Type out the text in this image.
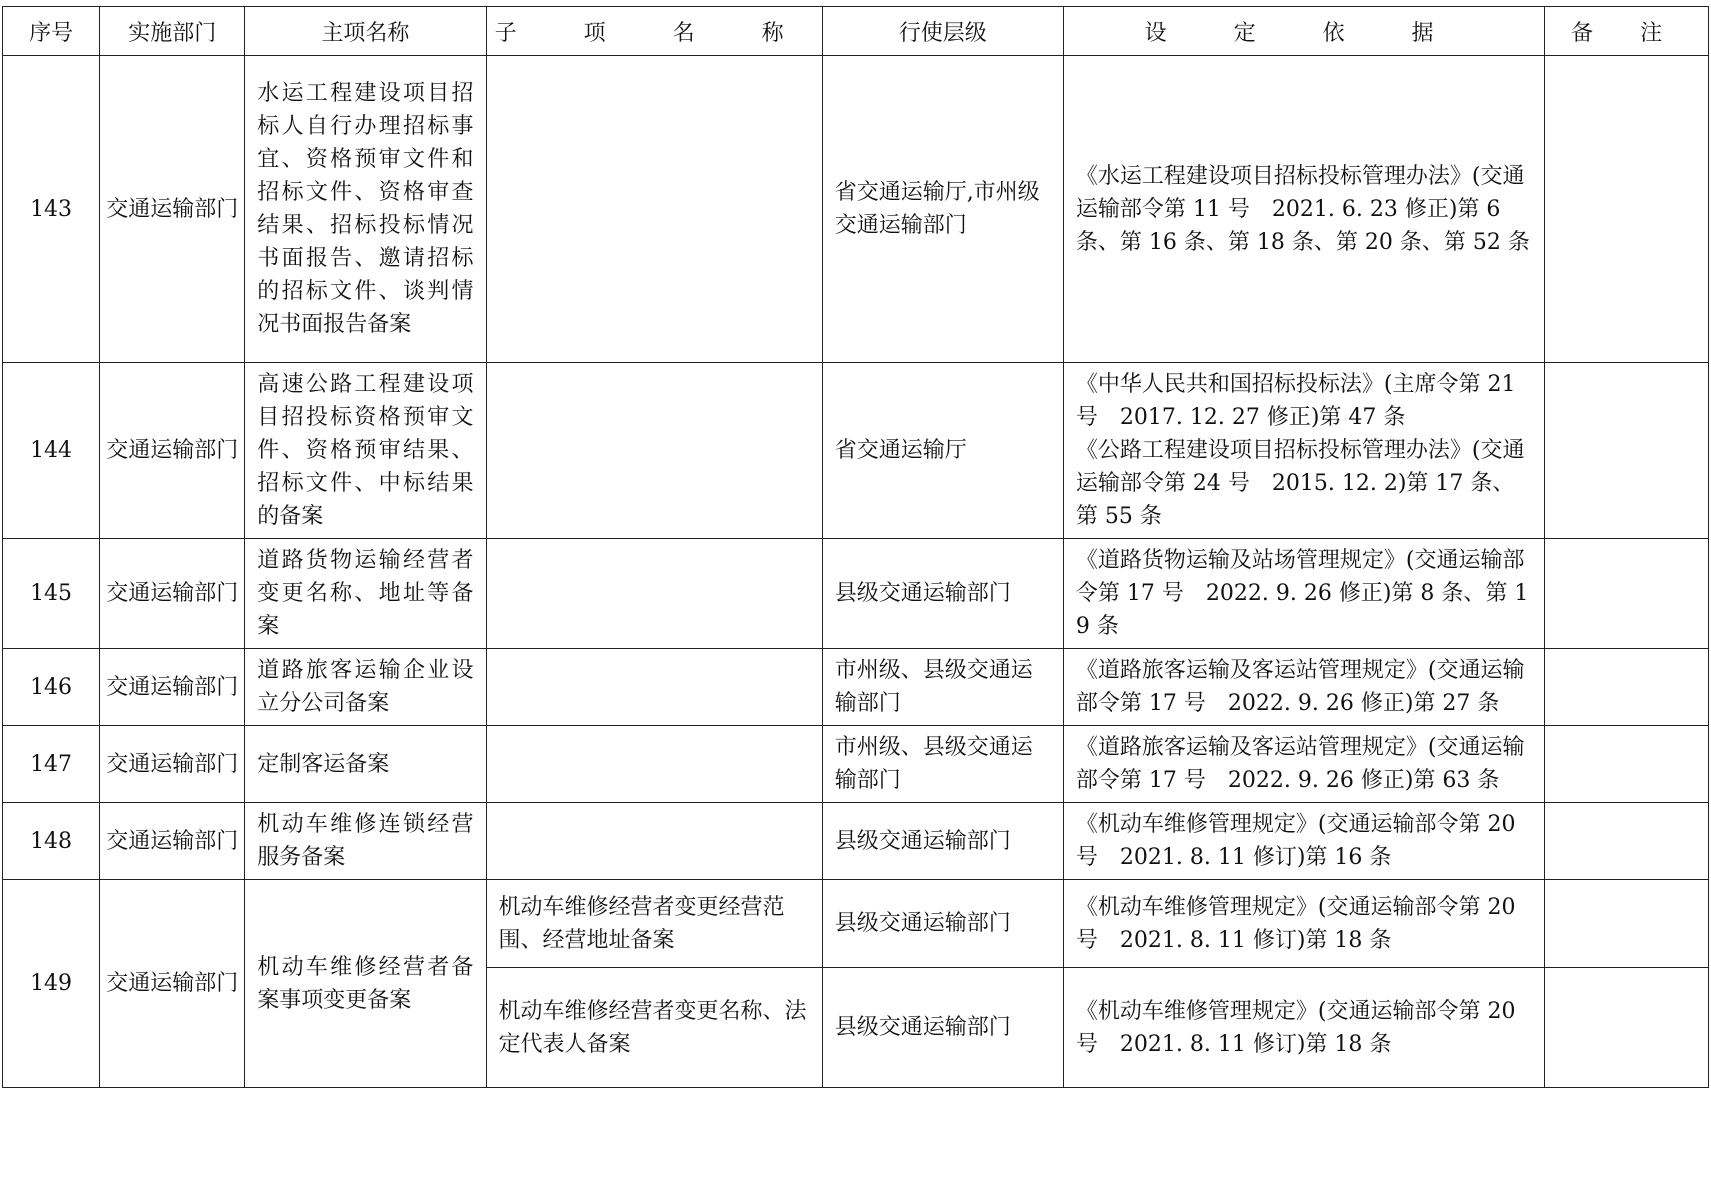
序号	实施部门	主项名称	子 项 名 称	行使层级	设 定 依 据	备 注

143	交通运输部门	水运工程建设项目招标人自行办理招标事宜、资格预审文件和招标文件、资格审查结果、招标投标情况书面报告、邀请招标的招标文件、谈判情况书面报告备案		省交通运输厅,市州级交通运输部门	《水运工程建设项目招标投标管理办法》(交通运输部令第 11 号　2021. 6. 23 修正)第 6 条、第 16 条、第 18 条、第 20 条、第 52 条	

144	交通运输部门	高速公路工程建设项目招投标资格预审文件、资格预审结果、招标文件、中标结果的备案		省交通运输厅	《中华人民共和国招标投标法》(主席令第 21 号　2017. 12. 27 修正)第 47 条
《公路工程建设项目招标投标管理办法》(交通运输部令第 24 号　2015. 12. 2)第 17 条、第 55 条	

145	交通运输部门	道路货物运输经营者变更名称、地址等备案		县级交通运输部门	《道路货物运输及站场管理规定》(交通运输部令第 17 号　2022. 9. 26 修正)第 8 条、第 19 条	

146	交通运输部门	道路旅客运输企业设立分公司备案		市州级、县级交通运输部门	《道路旅客运输及客运站管理规定》(交通运输部令第 17 号　2022. 9. 26 修正)第 27 条	

147	交通运输部门	定制客运备案		市州级、县级交通运输部门	《道路旅客运输及客运站管理规定》(交通运输部令第 17 号　2022. 9. 26 修正)第 63 条	

148	交通运输部门	机动车维修连锁经营服务备案		县级交通运输部门	《机动车维修管理规定》(交通运输部令第 20 号　2021. 8. 11 修订)第 16 条	

149	交通运输部门	机动车维修经营者备案事项变更备案	机动车维修经营者变更经营范围、经营地址备案	县级交通运输部门	《机动车维修管理规定》(交通运输部令第 20 号　2021. 8. 11 修订)第 18 条	

			机动车维修经营者变更名称、法定代表人备案	县级交通运输部门	《机动车维修管理规定》(交通运输部令第 20 号　2021. 8. 11 修订)第 18 条	
